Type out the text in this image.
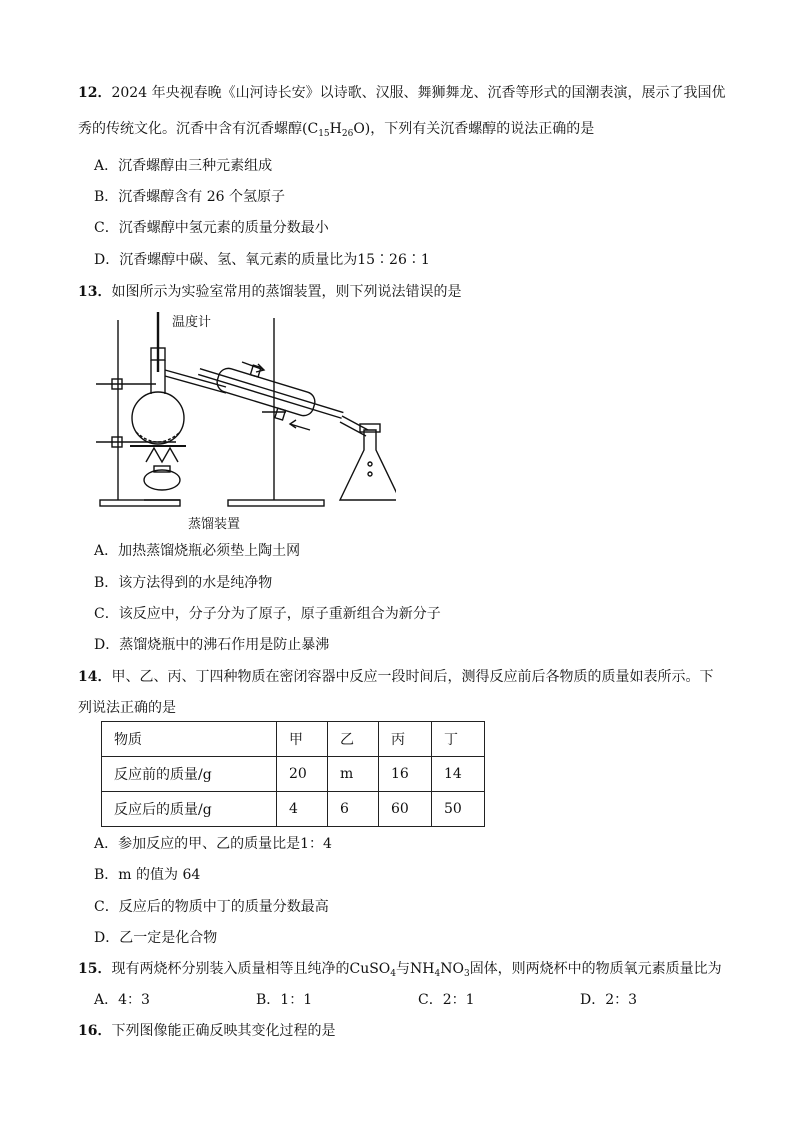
12．2024 年央视春晚《山河诗长安》以诗歌、汉服、舞狮舞龙、沉香等形式的国潮表演，展示了我国优
秀的传统文化。沉香中含有沉香螺醇$(C_{15}H_{26}O)$，下列有关沉香螺醇的说法正确的是
A．沉香螺醇由三种元素组成
B．沉香螺醇含有 26 个氢原子
C．沉香螺醇中氢元素的质量分数最小
D．沉香螺醇中碳、氢、氧元素的质量比为15∶26∶1
13．如图所示为实验室常用的蒸馏装置，则下列说法错误的是
温度计
蒸馏装置
A．加热蒸馏烧瓶必须垫上陶土网
B．该方法得到的水是纯净物
C．该反应中，分子分为了原子，原子重新组合为新分子
D．蒸馏烧瓶中的沸石作用是防止暴沸
14．甲、乙、丙、丁四种物质在密闭容器中反应一段时间后，测得反应前后各物质的质量如表所示。下
列说法正确的是
物质	甲	乙	丙	丁
反应前的质量/g	20	m	16	14
反应后的质量/g	4	6	60	50
A．参加反应的甲、乙的质量比是1：4
B．m 的值为 64
C．反应后的物质中丁的质量分数最高
D．乙一定是化合物
15．现有两烧杯分别装入质量相等且纯净的CuSO$_4$与$NH_4NO_3$固体，则两烧杯中的物质氧元素质量比为
A．4：3	B．1：1	C．2：1	D．2：3
16．下列图像能正确反映其变化过程的是
